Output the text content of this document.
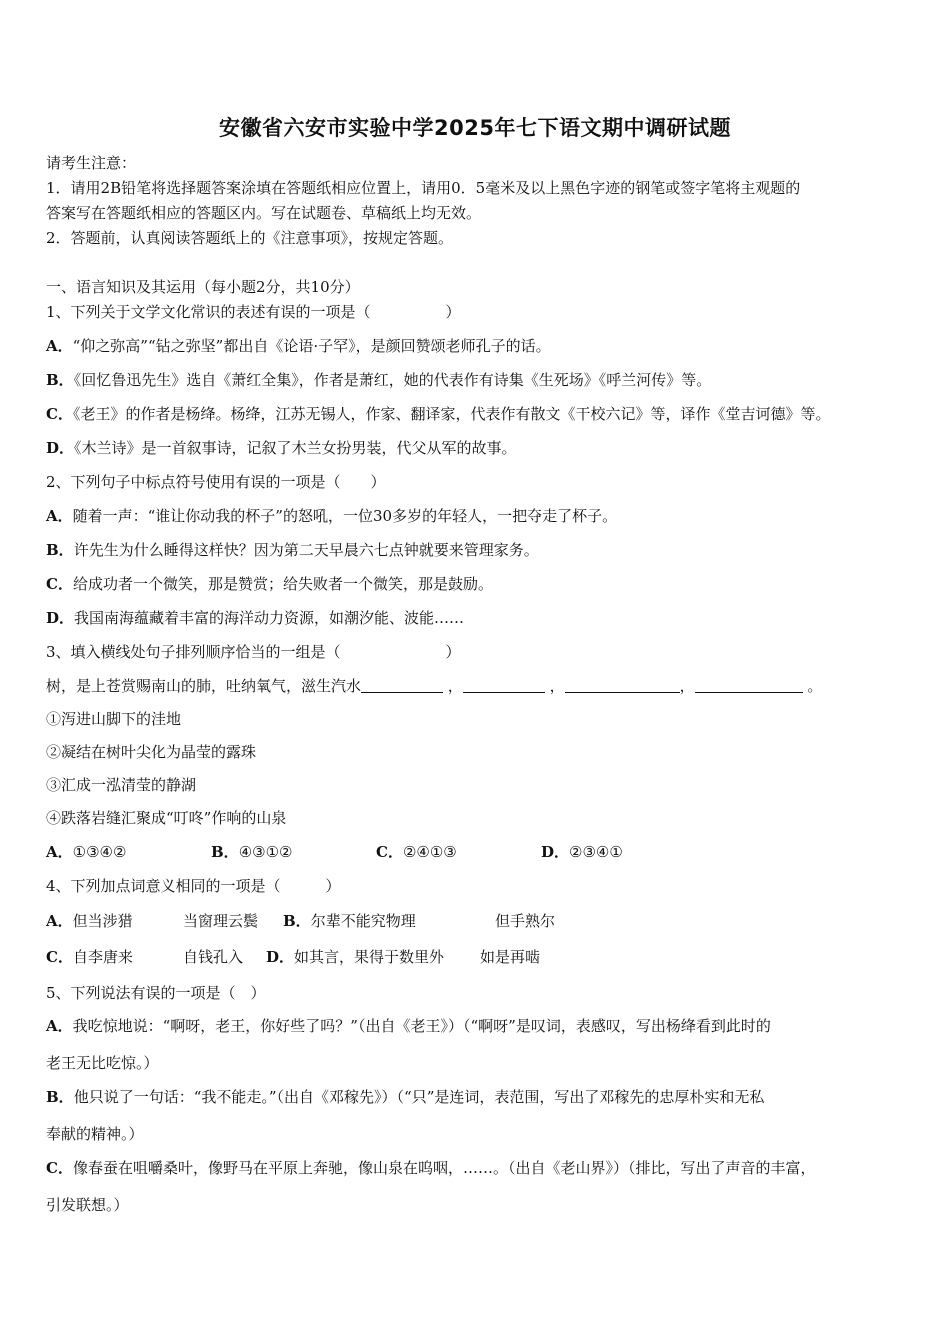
安徽省六安市实验中学2025年七下语文期中调研试题
请考生注意：
1．请用2B铅笔将选择题答案涂填在答题纸相应位置上，请用0．5毫米及以上黑色字迹的钢笔或签字笔将主观题的
答案写在答题纸相应的答题区内。写在试题卷、草稿纸上均无效。
2．答题前，认真阅读答题纸上的《注意事项》，按规定答题。
一、语言知识及其运用（每小题2分，共10分）
1、下列关于文学文化常识的表述有误的一项是（　　　　　）
A．“仰之弥高”“钻之弥坚”都出自《论语·子罕》，是颜回赞颂老师孔子的话。
B．《回忆鲁迅先生》选自《萧红全集》，作者是萧红，她的代表作有诗集《生死场》《呼兰河传》等。
C．《老王》的作者是杨绛。杨绛，江苏无锡人，作家、翻译家，代表作有散文《干校六记》等，译作《堂吉诃德》等。
D．《木兰诗》是一首叙事诗，记叙了木兰女扮男装，代父从军的故事。
2、下列句子中标点符号使用有误的一项是（　　）
A．随着一声：“谁让你动我的杯子”的怒吼，一位30多岁的年轻人，一把夺走了杯子。
B．许先生为什么睡得这样快？因为第二天早晨六七点钟就要来管理家务。
C．给成功者一个微笑，那是赞赏；给失败者一个微笑，那是鼓励。
D．我国南海蕴藏着丰富的海洋动力资源，如潮汐能、波能……
3、填入横线处句子排列顺序恰当的一组是（　　　　　　　）
树，是上苍赏赐南山的肺，吐纳氧气，滋生汽水	，	，	，	。
①泻进山脚下的洼地
②凝结在树叶尖化为晶莹的露珠
③汇成一泓清莹的静湖
④跌落岩缝汇聚成“叮咚”作响的山泉
A．①③④②	B．④③①②	C．②④①③	D．②③④①
4、下列加点词意义相同的一项是（　　　）
A．但当涉猎	当窗理云鬓 B．尔辈不能究物理	但手熟尔
C．自李唐来	自钱孔入 D．如其言，果得于数里外 如是再啮
5、下列说法有误的一项是（　）
A．我吃惊地说：“啊呀，老王，你好些了吗？”（出自《老王》）（“啊呀”是叹词，表感叹，写出杨绛看到此时的
老王无比吃惊。）
B．他只说了一句话：“我不能走。”（出自《邓稼先》）（“只”是连词，表范围，写出了邓稼先的忠厚朴实和无私
奉献的精神。）
C．像春蚕在咀嚼桑叶，像野马在平原上奔驰，像山泉在呜咽，……。（出自《老山界》）（排比，写出了声音的丰富，
引发联想。）
